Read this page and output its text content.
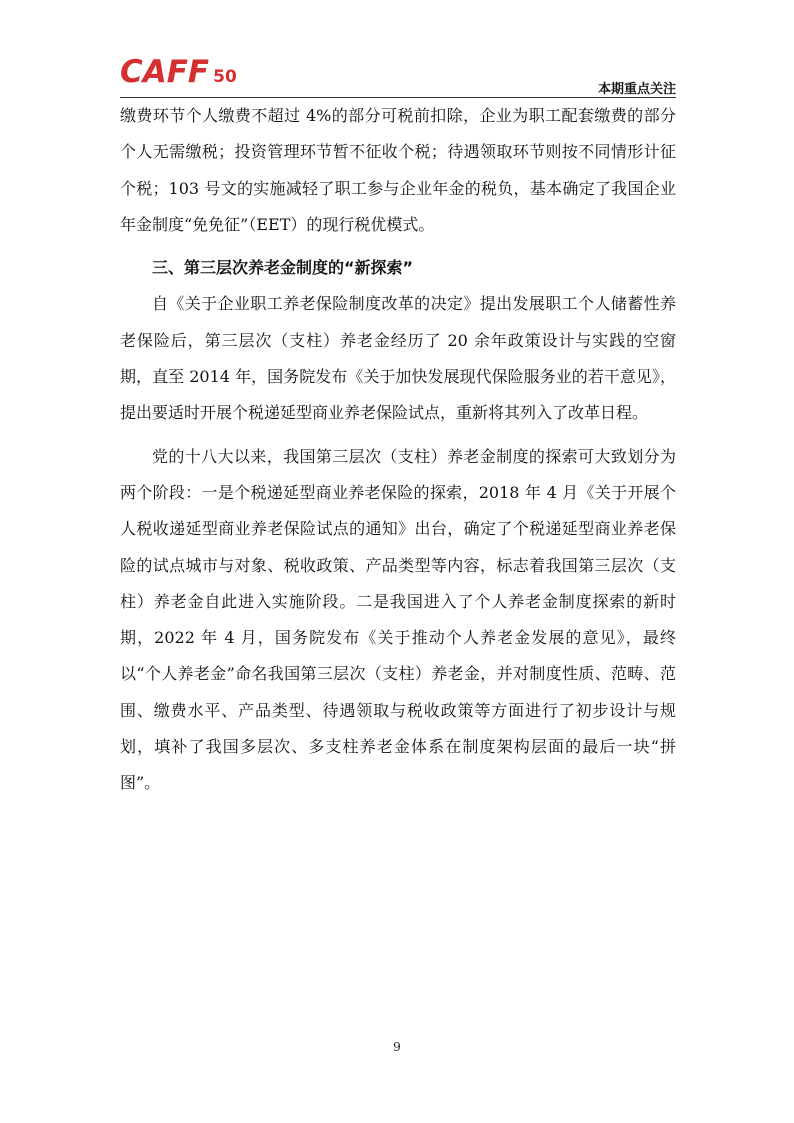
CAFF 50
本期重点关注

缴费环节个人缴费不超过 4%的部分可税前扣除，企业为职工配套缴费的部分个人无需缴税；投资管理环节暂不征收个税；待遇领取环节则按不同情形计征个税；103 号文的实施减轻了职工参与企业年金的税负，基本确定了我国企业年金制度“免免征”（EET）的现行税优模式。

三、第三层次养老金制度的“新探索”

自《关于企业职工养老保险制度改革的决定》提出发展职工个人储蓄性养老保险后，第三层次（支柱）养老金经历了 20 余年政策设计与实践的空窗期，直至 2014 年，国务院发布《关于加快发展现代保险服务业的若干意见》，提出要适时开展个税递延型商业养老保险试点，重新将其列入了改革日程。

党的十八大以来，我国第三层次（支柱）养老金制度的探索可大致划分为两个阶段：一是个税递延型商业养老保险的探索，2018 年 4 月《关于开展个人税收递延型商业养老保险试点的通知》出台，确定了个税递延型商业养老保险的试点城市与对象、税收政策、产品类型等内容，标志着我国第三层次（支柱）养老金自此进入实施阶段。二是我国进入了个人养老金制度探索的新时期，2022 年 4 月，国务院发布《关于推动个人养老金发展的意见》，最终以“个人养老金”命名我国第三层次（支柱）养老金，并对制度性质、范畴、范围、缴费水平、产品类型、待遇领取与税收政策等方面进行了初步设计与规划，填补了我国多层次、多支柱养老金体系在制度架构层面的最后一块“拼图”。

9
